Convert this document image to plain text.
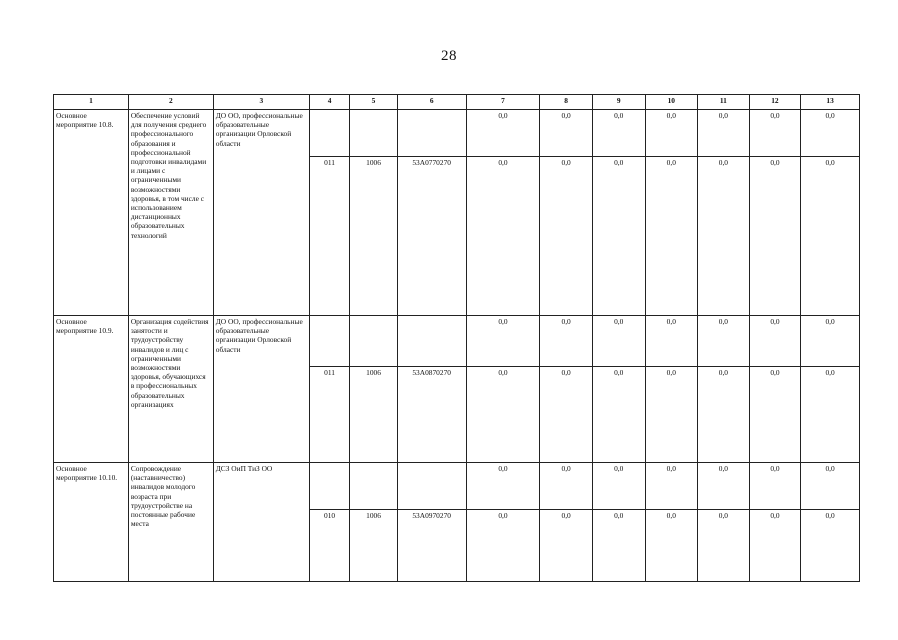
28
1	2	3	4	5	6	7	8	9	10	11	12	13
Основное мероприятие 10.8.	Обеспечение условий для получения среднего профессионального образования и профессиональной подготовки инвалидами и лицами с ограниченными возможностями здоровья, в том числе с использованием дистанционных образовательных технологий	ДО ОО, профессиональные образовательные организации Орловской области				0,0	0,0	0,0	0,0	0,0	0,0	0,0
			011	1006	53А0770270	0,0	0,0	0,0	0,0	0,0	0,0	0,0
Основное мероприятие 10.9.	Организация содействия занятости и трудоустройству инвалидов и лиц с ограниченными возможностями здоровья, обучающихся в профессиональных образовательных организациях	ДО ОО, профессиональные образовательные организации Орловской области				0,0	0,0	0,0	0,0	0,0	0,0	0,0
			011	1006	53А0870270	0,0	0,0	0,0	0,0	0,0	0,0	0,0
Основное мероприятие 10.10.	Сопровождение (наставничество) инвалидов молодого возраста при трудоустройстве на постоянные рабочие места	ДСЗ ОиП ТиЗ ОО				0,0	0,0	0,0	0,0	0,0	0,0	0,0
			010	1006	53А0970270	0,0	0,0	0,0	0,0	0,0	0,0	0,0
